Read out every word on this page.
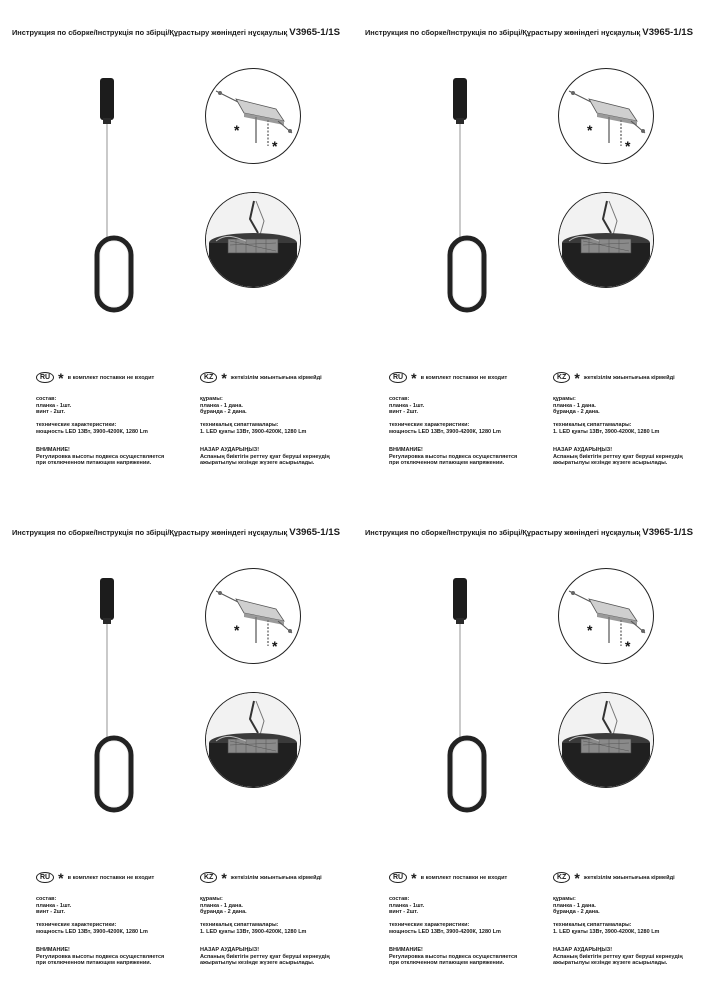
Инструкция по сборке/Інструкція по збірці/Құрастыру жөніндегі нұсқаулық V3965-1/1S
*
*
RU * в комплект поставки не входит	KZ * жеткізілім жиынтығына кірмейді
состав:
планка - 1шт.
винт - 2шт.
технические характеристики:
мощность LED 13Вт, 3900-4200К, 1280 Lm
ВНИМАНИЕ!
Регулировка высоты подвеса осуществляется
при отключенном питающем напряжении.
құрамы:
планка - 1 дана.
бұранда - 2 дана.
техникалық сипаттамалары:
1. LED қуаты 13Вт, 3900-4200К, 1280 Lm
НАЗАР АУДАРЫҢЫЗ!
Аспаның биіктігін реттеу қуат беруші кернеудің
ажыратылуы кезінде жүзеге асырылады.
Инструкция по сборке/Інструкція по збірці/Құрастыру жөніндегі нұсқаулық V3965-1/1S
*
*
RU * в комплект поставки не входит	KZ * жеткізілім жиынтығына кірмейді
состав:
планка - 1шт.
винт - 2шт.
технические характеристики:
мощность LED 13Вт, 3900-4200К, 1280 Lm
ВНИМАНИЕ!
Регулировка высоты подвеса осуществляется
при отключенном питающем напряжении.
құрамы:
планка - 1 дана.
бұранда - 2 дана.
техникалық сипаттамалары:
1. LED қуаты 13Вт, 3900-4200К, 1280 Lm
НАЗАР АУДАРЫҢЫЗ!
Аспаның биіктігін реттеу қуат беруші кернеудің
ажыратылуы кезінде жүзеге асырылады.
Инструкция по сборке/Інструкція по збірці/Құрастыру жөніндегі нұсқаулық V3965-1/1S
*
*
RU * в комплект поставки не входит	KZ * жеткізілім жиынтығына кірмейді
состав:
планка - 1шт.
винт - 2шт.
технические характеристики:
мощность LED 13Вт, 3900-4200К, 1280 Lm
ВНИМАНИЕ!
Регулировка высоты подвеса осуществляется
при отключенном питающем напряжении.
құрамы:
планка - 1 дана.
бұранда - 2 дана.
техникалық сипаттамалары:
1. LED қуаты 13Вт, 3900-4200К, 1280 Lm
НАЗАР АУДАРЫҢЫЗ!
Аспаның биіктігін реттеу қуат беруші кернеудің
ажыратылуы кезінде жүзеге асырылады.
Инструкция по сборке/Інструкція по збірці/Құрастыру жөніндегі нұсқаулық V3965-1/1S
*
*
RU * в комплект поставки не входит	KZ * жеткізілім жиынтығына кірмейді
состав:
планка - 1шт.
винт - 2шт.
технические характеристики:
мощность LED 13Вт, 3900-4200К, 1280 Lm
ВНИМАНИЕ!
Регулировка высоты подвеса осуществляется
при отключенном питающем напряжении.
құрамы:
планка - 1 дана.
бұранда - 2 дана.
техникалық сипаттамалары:
1. LED қуаты 13Вт, 3900-4200К, 1280 Lm
НАЗАР АУДАРЫҢЫЗ!
Аспаның биіктігін реттеу қуат беруші кернеудің
ажыратылуы кезінде жүзеге асырылады.
